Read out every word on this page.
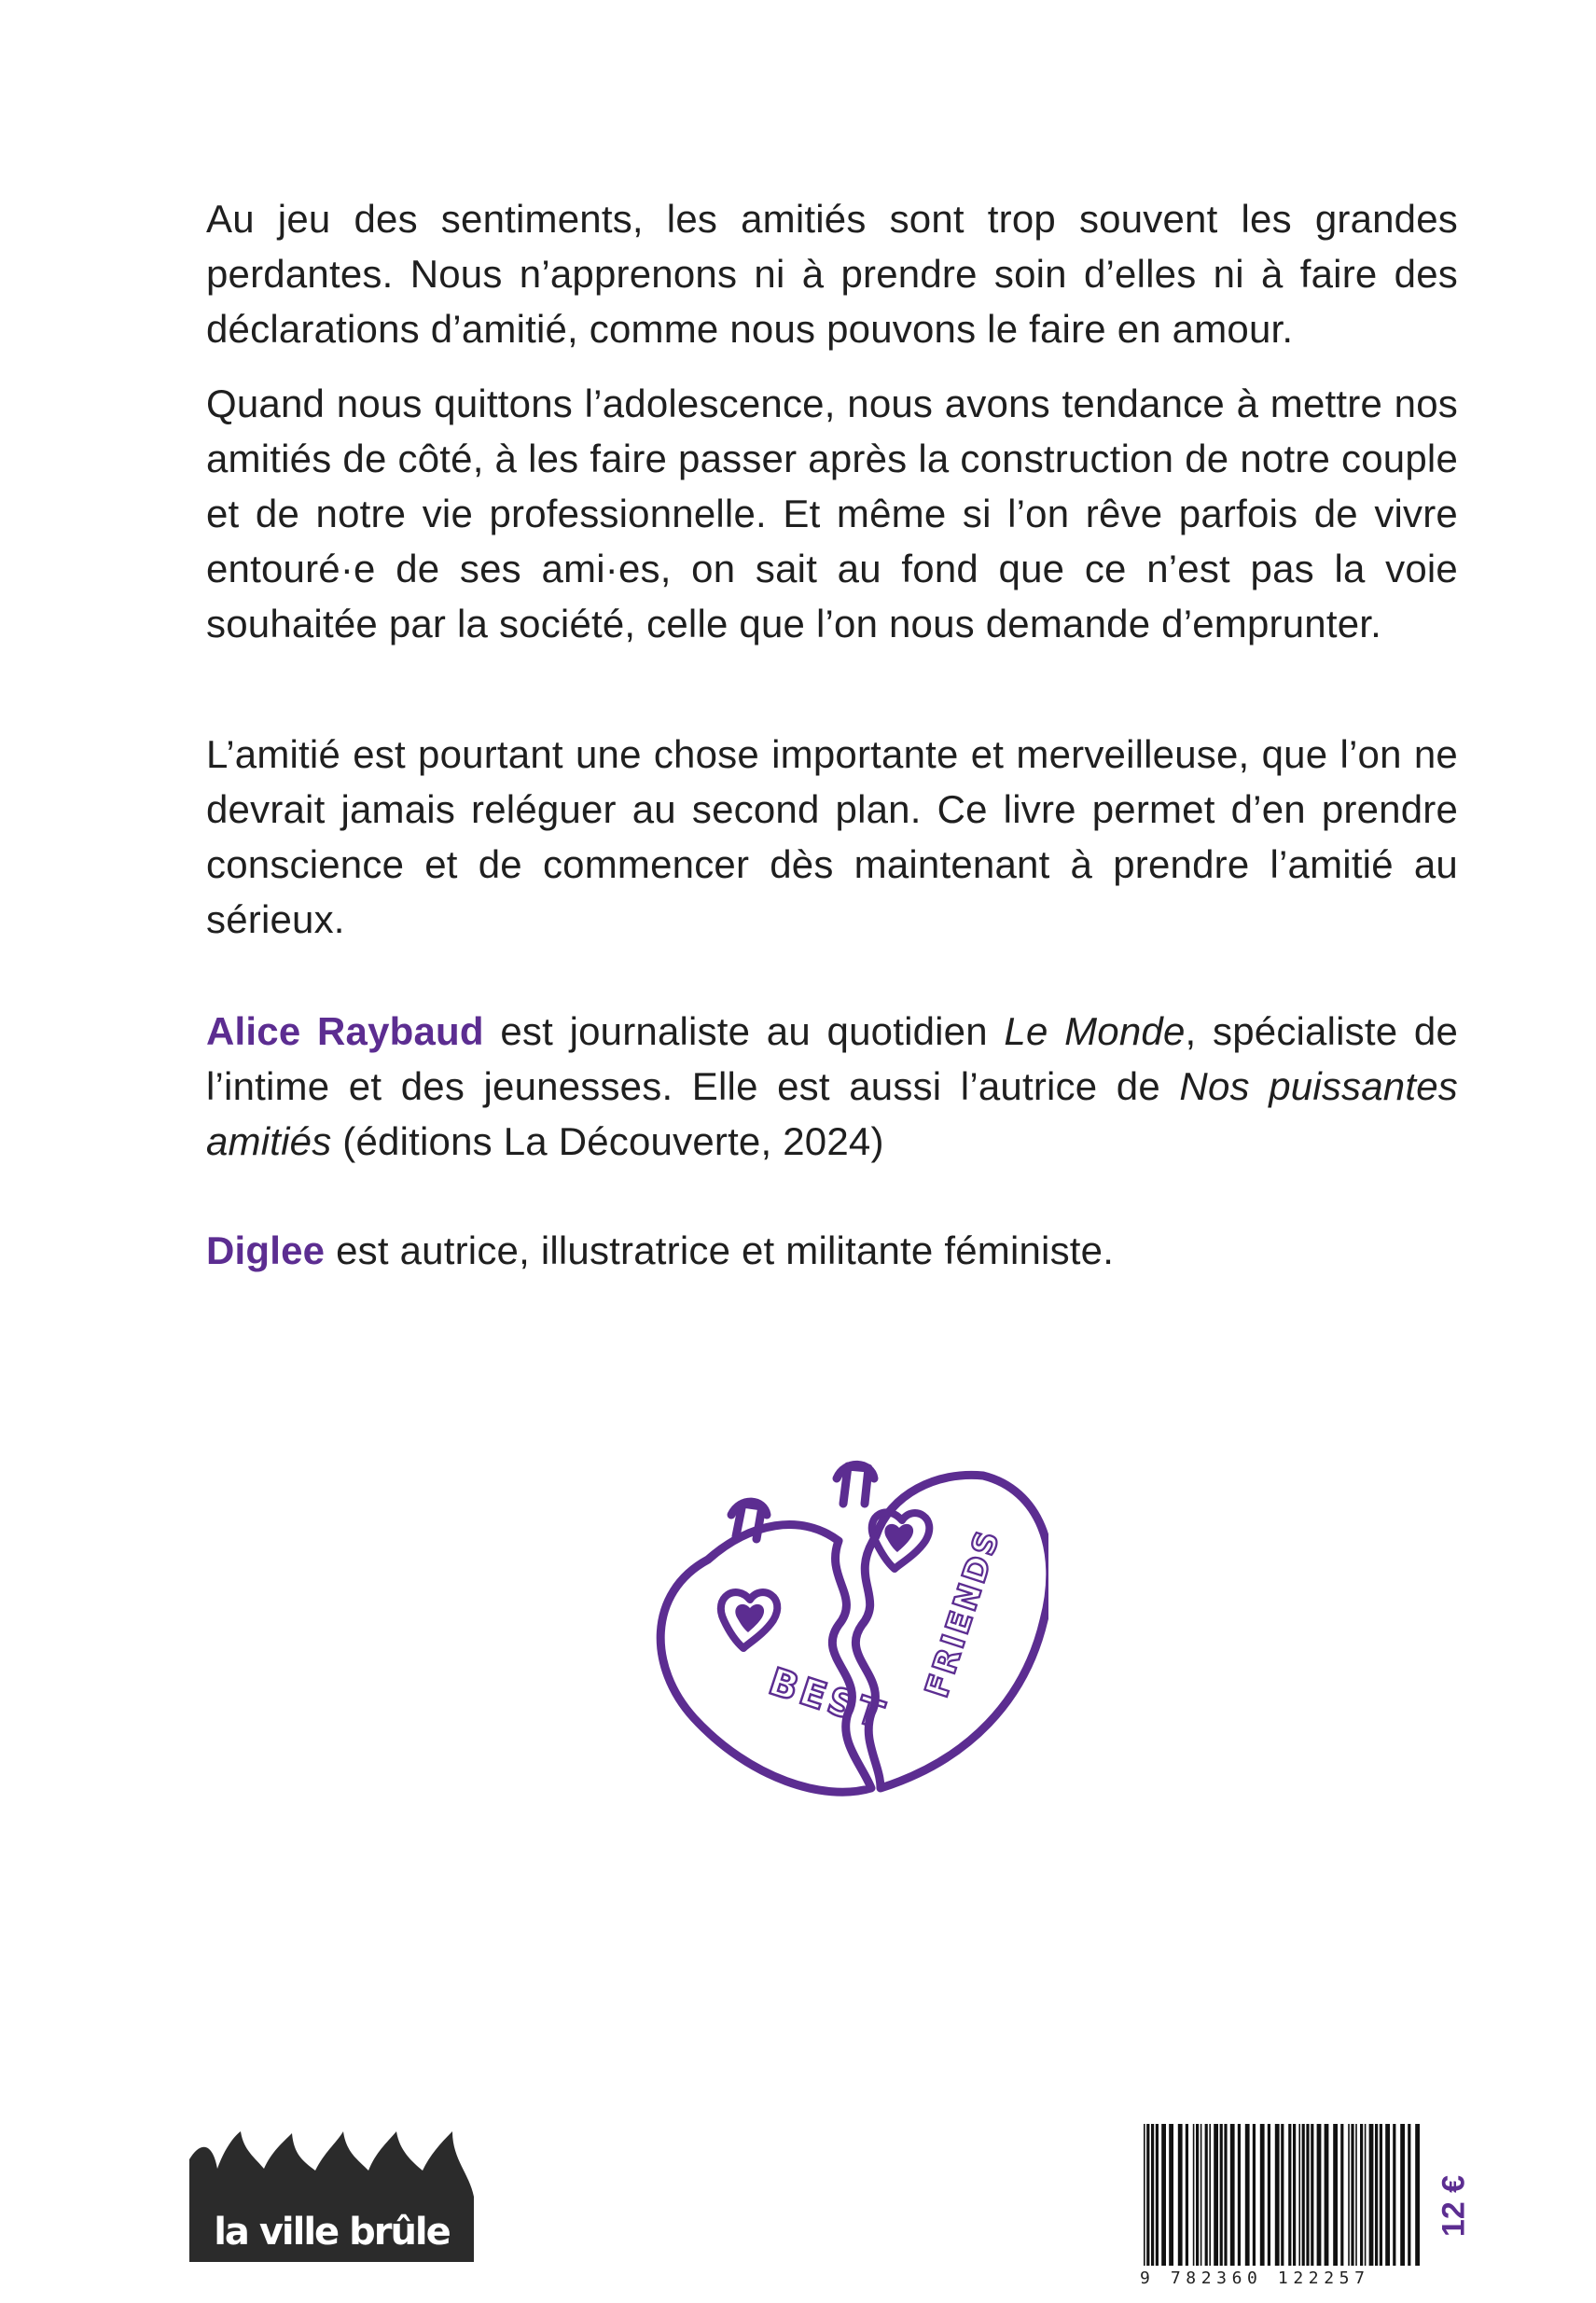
Au jeu des sentiments, les amitiés sont trop souvent les grandes perdantes. Nous n’apprenons ni à prendre soin d’elles ni à faire des déclarations d’amitié, comme nous pouvons le faire en amour.

Quand nous quittons l’adolescence, nous avons tendance à mettre nos amitiés de côté, à les faire passer après la construction de notre couple et de notre vie professionnelle. Et même si l’on rêve parfois de vivre entouré·e de ses ami·es, on sait au fond que ce n’est pas la voie souhaitée par la société, celle que l’on nous demande d’emprunter.

L’amitié est pourtant une chose importante et merveilleuse, que l’on ne devrait jamais reléguer au second plan. Ce livre permet d’en prendre conscience et de commencer dès maintenant à prendre l’amitié au sérieux.

Alice Raybaud est journaliste au quotidien Le Monde, spécialiste de l’intime et des jeunesses. Elle est aussi l’autrice de Nos puissantes amitiés (éditions La Découverte, 2024)

Diglee est autrice, illustratrice et militante féministe.

BEST FRIENDS
la ville brûle
9 782360 122257
12 €
